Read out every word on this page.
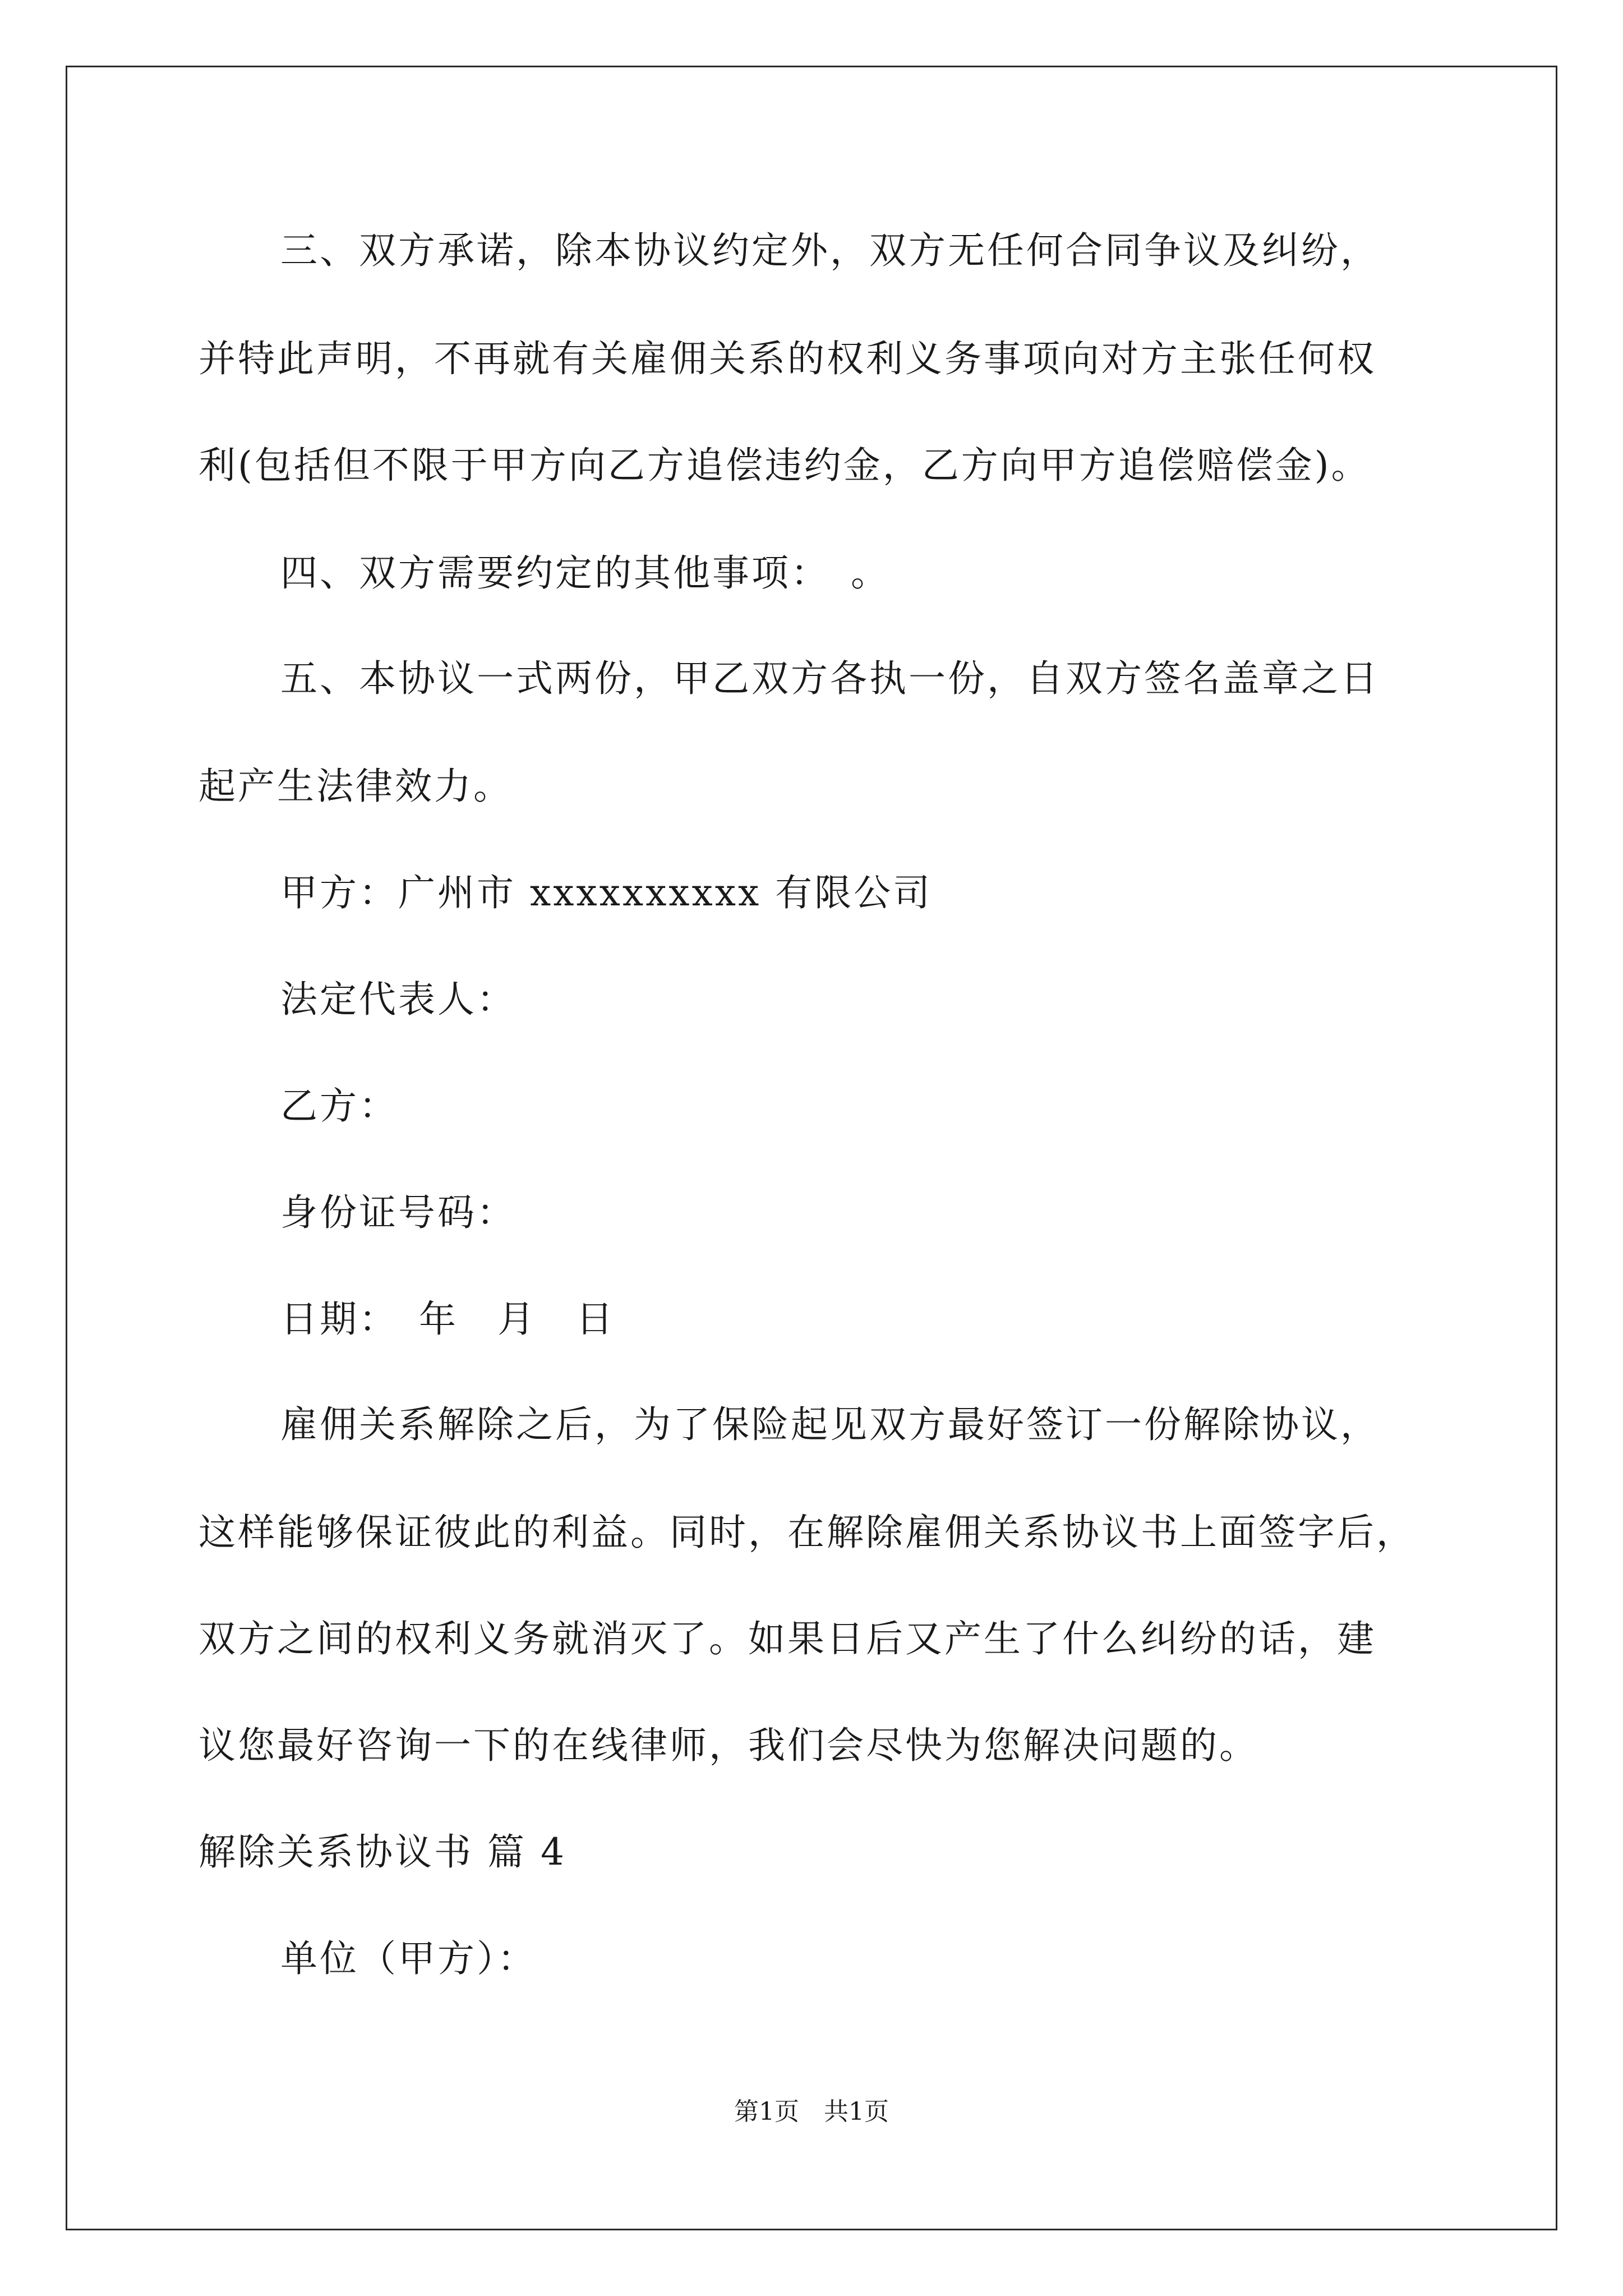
三、双方承诺，除本协议约定外，双方无任何合同争议及纠纷，
并特此声明，不再就有关雇佣关系的权利义务事项向对方主张任何权
利(包括但不限于甲方向乙方追偿违约金，乙方向甲方追偿赔偿金)。
四、双方需要约定的其他事项：　。
五、本协议一式两份，甲乙双方各执一份，自双方签名盖章之日
起产生法律效力。
甲方：广州市 xxxxxxxxxx 有限公司
法定代表人：
乙方：
身份证号码：
日期：　年　月　日
雇佣关系解除之后，为了保险起见双方最好签订一份解除协议，
这样能够保证彼此的利益。同时，在解除雇佣关系协议书上面签字后，
双方之间的权利义务就消灭了。如果日后又产生了什么纠纷的话，建
议您最好咨询一下的在线律师，我们会尽快为您解决问题的。
解除关系协议书 篇 4
单位（甲方）：
第1页　共1页
